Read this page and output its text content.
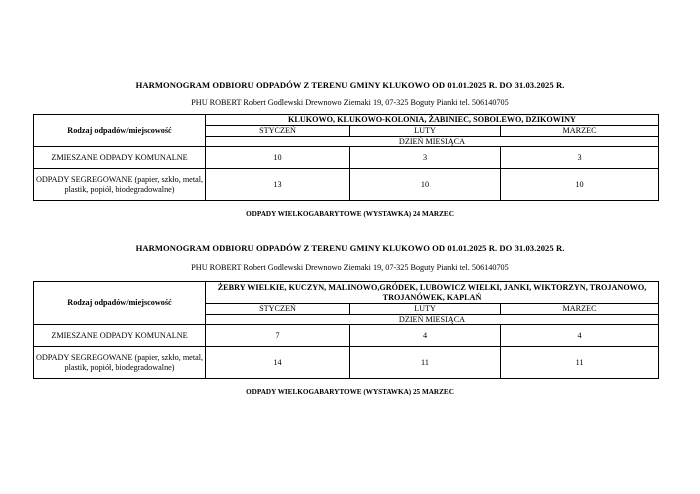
HARMONOGRAM ODBIORU ODPADÓW Z TERENU GMINY KLUKOWO OD 01.01.2025 R. DO 31.03.2025 R.
PHU ROBERT Robert Godlewski Drewnowo Ziemaki 19, 07-325 Boguty Pianki tel. 506140705
Rodzaj odpadów/miejscowość	KLUKOWO, KLUKOWO-KOLONIA, ŻABINIEC, SOBOLEWO, DZIKOWINY		
	STYCZEŃ	LUTY	MARZEC
	DZIEŃ MIESIĄCA		
ZMIESZANE ODPADY KOMUNALNE	10	3	3
ODPADY SEGREGOWANE (papier, szkło, metal, plastik, popiół, biodegradowalne)	13	10	10
ODPADY WIELKOGABARYTOWE (WYSTAWKA) 24 MARZEC
HARMONOGRAM ODBIORU ODPADÓW Z TERENU GMINY KLUKOWO OD 01.01.2025 R. DO 31.03.2025 R.
PHU ROBERT Robert Godlewski Drewnowo Ziemaki 19, 07-325 Boguty Pianki tel. 506140705
Rodzaj odpadów/miejscowość	ŻEBRY WIELKIE, KUCZYN, MALINOWO,GRÓDEK, LUBOWICZ WIELKI, JANKI, WIKTORZYN, TROJANOWO, TROJANÓWEK, KAPLAŃ		
	STYCZEŃ	LUTY	MARZEC
	DZIEŃ MIESIĄCA		
ZMIESZANE ODPADY KOMUNALNE	7	4	4
ODPADY SEGREGOWANE (papier, szkło, metal, plastik, popiół, biodegradowalne)	14	11	11
ODPADY WIELKOGABARYTOWE (WYSTAWKA) 25 MARZEC
